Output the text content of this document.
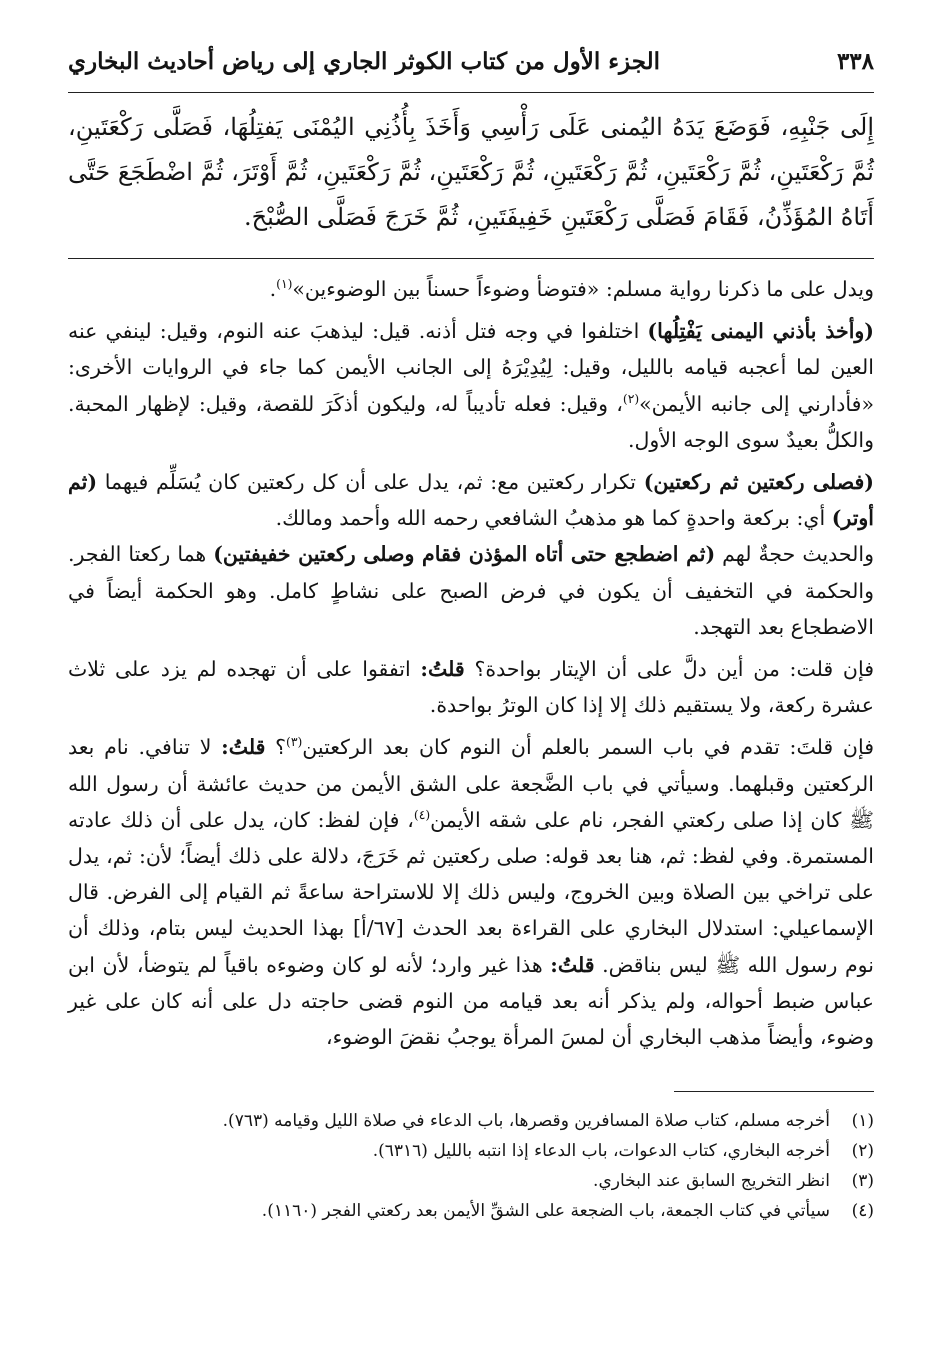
٣٣٨
الجزء الأول من كتاب الكوثر الجاري إلى رياض أحاديث البخاري
إِلَى جَنْبِهِ، فَوَضَعَ يَدَهُ اليُمنى عَلَى رَأْسِي وَأَخَذَ بِأُذُنِي اليُمْنَى يَفتِلُهَا، فَصَلَّى رَكْعَتَينِ، ثُمَّ رَكْعَتَينِ، ثُمَّ رَكْعَتَينِ، ثُمَّ رَكْعَتَينِ، ثُمَّ رَكْعَتَينِ، ثُمَّ رَكْعَتَينِ، ثُمَّ أَوْتَرَ، ثُمَّ اضْطَجَعَ حَتَّى أَتَاهُ المُؤَذِّنُ، فَقَامَ فَصَلَّى رَكْعَتَينِ خَفِيفَتَينِ، ثُمَّ خَرَجَ فَصَلَّى الصُّبْحَ.

ويدل على ما ذكرنا رواية مسلم: «فتوضأ وضوءاً حسناً بين الوضوءين»$^{(١)}$.

(وأخذ بأذني اليمنى يَفْتِلُها) اختلفوا في وجه فتل أذنه. قيل: ليذهبَ عنه النوم، وقيل: لينفي عنه العين لما أعجبه قيامه بالليل، وقيل: لِيُدِيْرَهُ إلى الجانب الأيمن كما جاء في الروايات الأخرى: «فأدارني إلى جانبه الأيمن»$^{(٢)}$، وقيل: فعله تأديباً له، وليكون أذكَرَ للقصة، وقيل: لإظهار المحبة. والكلُّ بعيدٌ سوى الوجه الأول.

(فصلى ركعتين ثم ركعتين) تكرار ركعتين مع: ثم، يدل على أن كل ركعتين كان يُسَلِّم فيهما (ثم أوتر) أي: بركعة واحدةٍ كما هو مذهبُ الشافعي رحمه الله وأحمد ومالك.
والحديث حجةٌ لهم (ثم اضطجع حتى أتاه المؤذن فقام وصلى ركعتين خفيفتين) هما ركعتا الفجر. والحكمة في التخفيف أن يكون في فرض الصبح على نشاطٍ كامل. وهو الحكمة أيضاً في الاضطجاع بعد التهجد.

فإن قلت: من أين دلَّ على أن الإيتار بواحدة؟ قلتُ: اتفقوا على أن تهجده لم يزد على ثلاث عشرة ركعة، ولا يستقيم ذلك إلا إذا كان الوترُ بواحدة.

فإن قلتَ: تقدم في باب السمر بالعلم أن النوم كان بعد الركعتين$^{(٣)}$؟ قلتُ: لا تنافي. نام بعد الركعتين وقبلهما. وسيأتي في باب الضَّجعة على الشق الأيمن من حديث عائشة أن رسول الله ﷺ كان إذا صلى ركعتي الفجر، نام على شقه الأيمن$^{(٤)}$، فإن لفظ: كان، يدل على أن ذلك عادته المستمرة. وفي لفظ: ثم، هنا بعد قوله: صلى ركعتين ثم خَرَجَ، دلالة على ذلك أيضاً؛ لأن: ثم، يدل على تراخي بين الصلاة وبين الخروج، وليس ذلك إلا للاستراحة ساعةً ثم القيام إلى الفرض. قال الإسماعيلي: استدلال البخاري على القراءة بعد الحدث [٦٧/أ] بهذا الحديث ليس بتام، وذلك أن نوم رسول الله ﷺ ليس بناقض. قلتُ: هذا غير وارد؛ لأنه لو كان وضوءه باقياً لم يتوضأ، لأن ابن عباس ضبط أحواله، ولم يذكر أنه بعد قيامه من النوم قضى حاجته دل على أنه كان على غير وضوء، وأيضاً مذهب البخاري أن لمسَ المرأة يوجبُ نقضَ الوضوء،

(١)
أخرجه مسلم، كتاب صلاة المسافرين وقصرها، باب الدعاء في صلاة الليل وقيامه (٧٦٣).
(٢)
أخرجه البخاري، كتاب الدعوات، باب الدعاء إذا انتبه بالليل (٦٣١٦).
(٣)
انظر التخريج السابق عند البخاري.
(٤)
سيأتي في كتاب الجمعة، باب الضجعة على الشقِّ الأيمن بعد ركعتي الفجر (١١٦٠).
